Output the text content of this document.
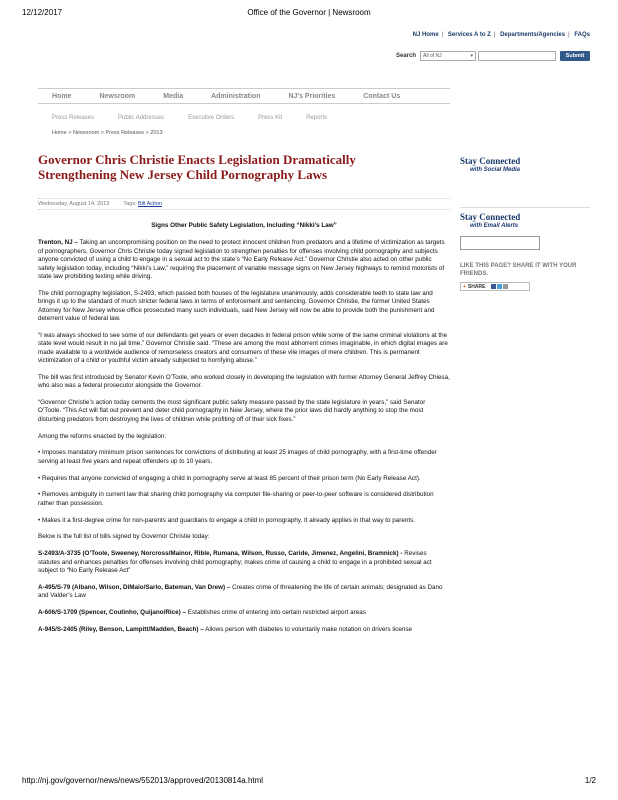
12/12/2017	Office of the Governor | Newsroom
NJ Home | Services A to Z | Departments/Agencies | FAQs
Search	All of NJ	▾	Submit
Home	Newsroom	Media	Administration	NJ's Priorities	Contact Us
Press Releases	Public Addresses	Executive Orders	Press Kit	Reports
Home > Newsroom > Press Releases > 2013
Governor Chris Christie Enacts Legislation Dramatically Strengthening New Jersey Child Pornography Laws
Wednesday, August 14, 2013	Tags: Bill Action
Signs Other Public Safety Legislation, Including “Nikki’s Law”

Trenton, NJ – Taking an uncompromising position on the need to protect innocent children from predators and a lifetime of victimization as targets of pornographers, Governor Chris Christie today signed legislation to strengthen penalties for offenses involving child pornography and subjects anyone convicted of using a child to engage in a sexual act to the state’s “No Early Release Act.” Governor Christie also acted on other public safety legislation today, including “Nikki’s Law,” requiring the placement of variable message signs on New Jersey highways to remind motorists of state law prohibiting texting while driving.

The child pornography legislation, S-2493, which passed both houses of the legislature unanimously, adds considerable teeth to state law and brings it up to the standard of much stricter federal laws in terms of enforcement and sentencing. Governor Christie, the former United States Attorney for New Jersey whose office prosecuted many such individuals, said New Jersey will now be able to provide both the punishment and deterrent value of federal law.

“I was always shocked to see some of our defendants get years or even decades in federal prison while some of the same criminal violations at the state level would result in no jail time,” Governor Christie said. “These are among the most abhorrent crimes imaginable, in which digital images are made available to a worldwide audience of remorseless creators and consumers of these vile images of mere children. This is permanent victimization of a child or youthful victim already subjected to horrifying abuse.”

The bill was first introduced by Senator Kevin O’Toole, who worked closely in developing the legislation with former Attorney General Jeffrey Chiesa, who also was a federal prosecutor alongside the Governor.

“Governor Christie’s action today cements the most significant public safety measure passed by the state legislature in years,” said Senator O’Toole. “This Act will flat out prevent and deter child pornography in New Jersey, where the prior laws did hardly anything to stop the most disturbing predators from destroying the lives of children while profiting off of their sick fixes.”

Among the reforms enacted by the legislation:

• Imposes mandatory minimum prison sentences for convictions of distributing at least 25 images of child pornography, with a first-time offender serving at least five years and repeat offenders up to 10 years.

• Requires that anyone convicted of engaging a child in pornography serve at least 85 percent of their prison term (No Early Release Act).

• Removes ambiguity in current law that sharing child pornography via computer file-sharing or peer-to-peer software is considered distribution rather than possession.

• Makes it a first-degree crime for non-parents and guardians to engage a child in pornography. It already applies in that way to parents.

Below is the full list of bills signed by Governor Christie today:

S-2493/A-3735 (O’Toole, Sweeney, Norcross/Mainor, Rible, Rumana, Wilson, Russo, Caride, Jimenez, Angelini, Bramnick) - Revises statutes and enhances penalties for offenses involving child pornography; makes crime of causing a child to engage in a prohibited sexual act subject to “No Early Release Act”

A-495/S-79 (Albano, Wilson, DiMaio/Sarlo, Bateman, Van Drew) – Creates crime of threatening the life of certain animals; designated as Dano and Valder’s Law

A-606/S-1709 (Spencer, Coutinho, Quijano/Rice) – Establishes crime of entering into certain restricted airport areas

A-945/S-2405 (Riley, Benson, Lampitt/Madden, Beach) – Allows person with diabetes to voluntarily make notation on drivers license

Stay Connected
with Social Media
Stay Connected
with Email Alerts
LIKE THIS PAGE? SHARE IT WITH YOUR FRIENDS.
+ SHARE
http://nj.gov/governor/news/news/552013/approved/20130814a.html	1/2
